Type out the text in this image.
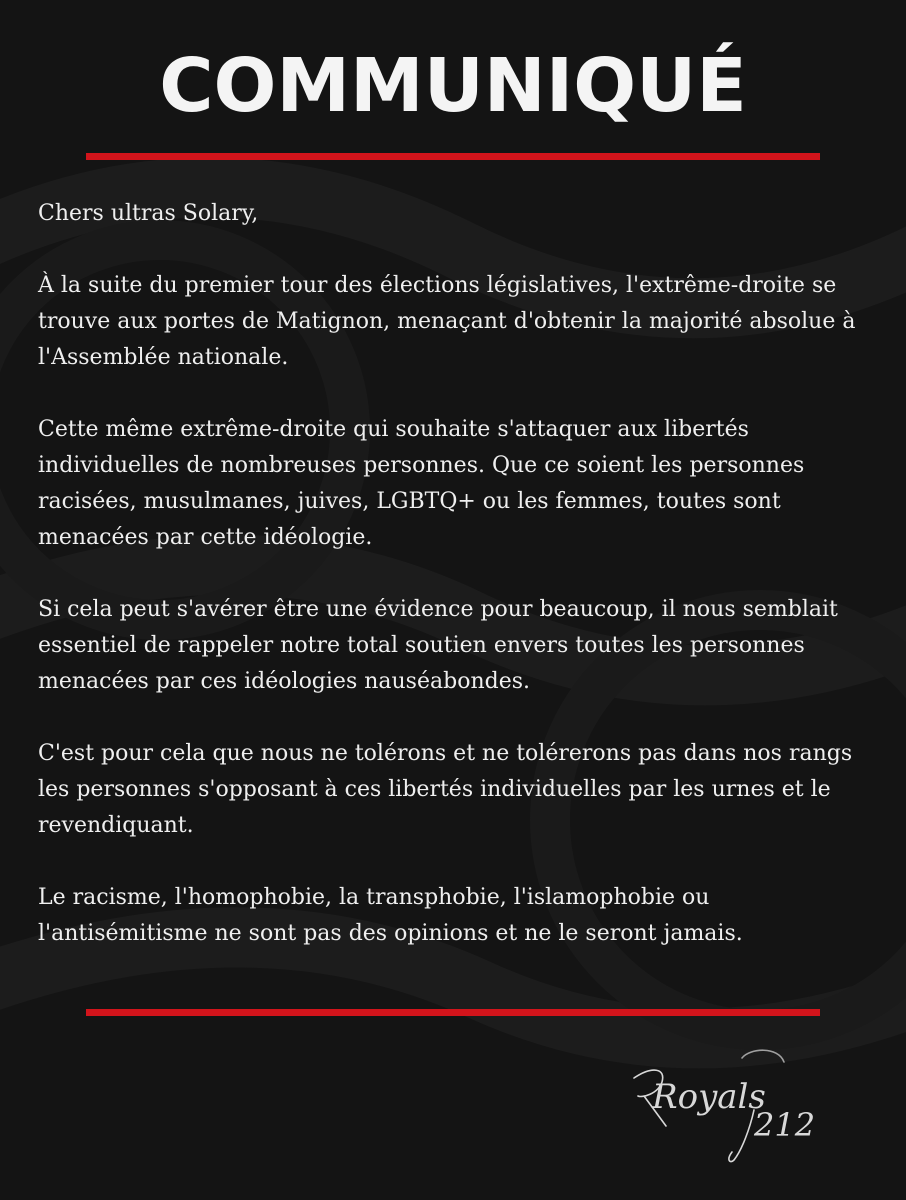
COMMUNIQUÉ

Chers ultras Solary,

À la suite du premier tour des élections législatives, l'extrême-droite se trouve aux portes de Matignon, menaçant d'obtenir la majorité absolue à l'Assemblée nationale.

Cette même extrême-droite qui souhaite s'attaquer aux libertés individuelles de nombreuses personnes. Que ce soient les personnes racisées, musulmanes, juives, LGBTQ+ ou les femmes, toutes sont menacées par cette idéologie.

Si cela peut s'avérer être une évidence pour beaucoup, il nous semblait essentiel de rappeler notre total soutien envers toutes les personnes menacées par ces idéologies nauséabondes.

C'est pour cela que nous ne tolérons et ne tolérerons pas dans nos rangs les personnes s'opposant à ces libertés individuelles par les urnes et le revendiquant.

Le racisme, l'homophobie, la transphobie, l'islamophobie ou l'antisémitisme ne sont pas des opinions et ne le seront jamais.

Royals
212
